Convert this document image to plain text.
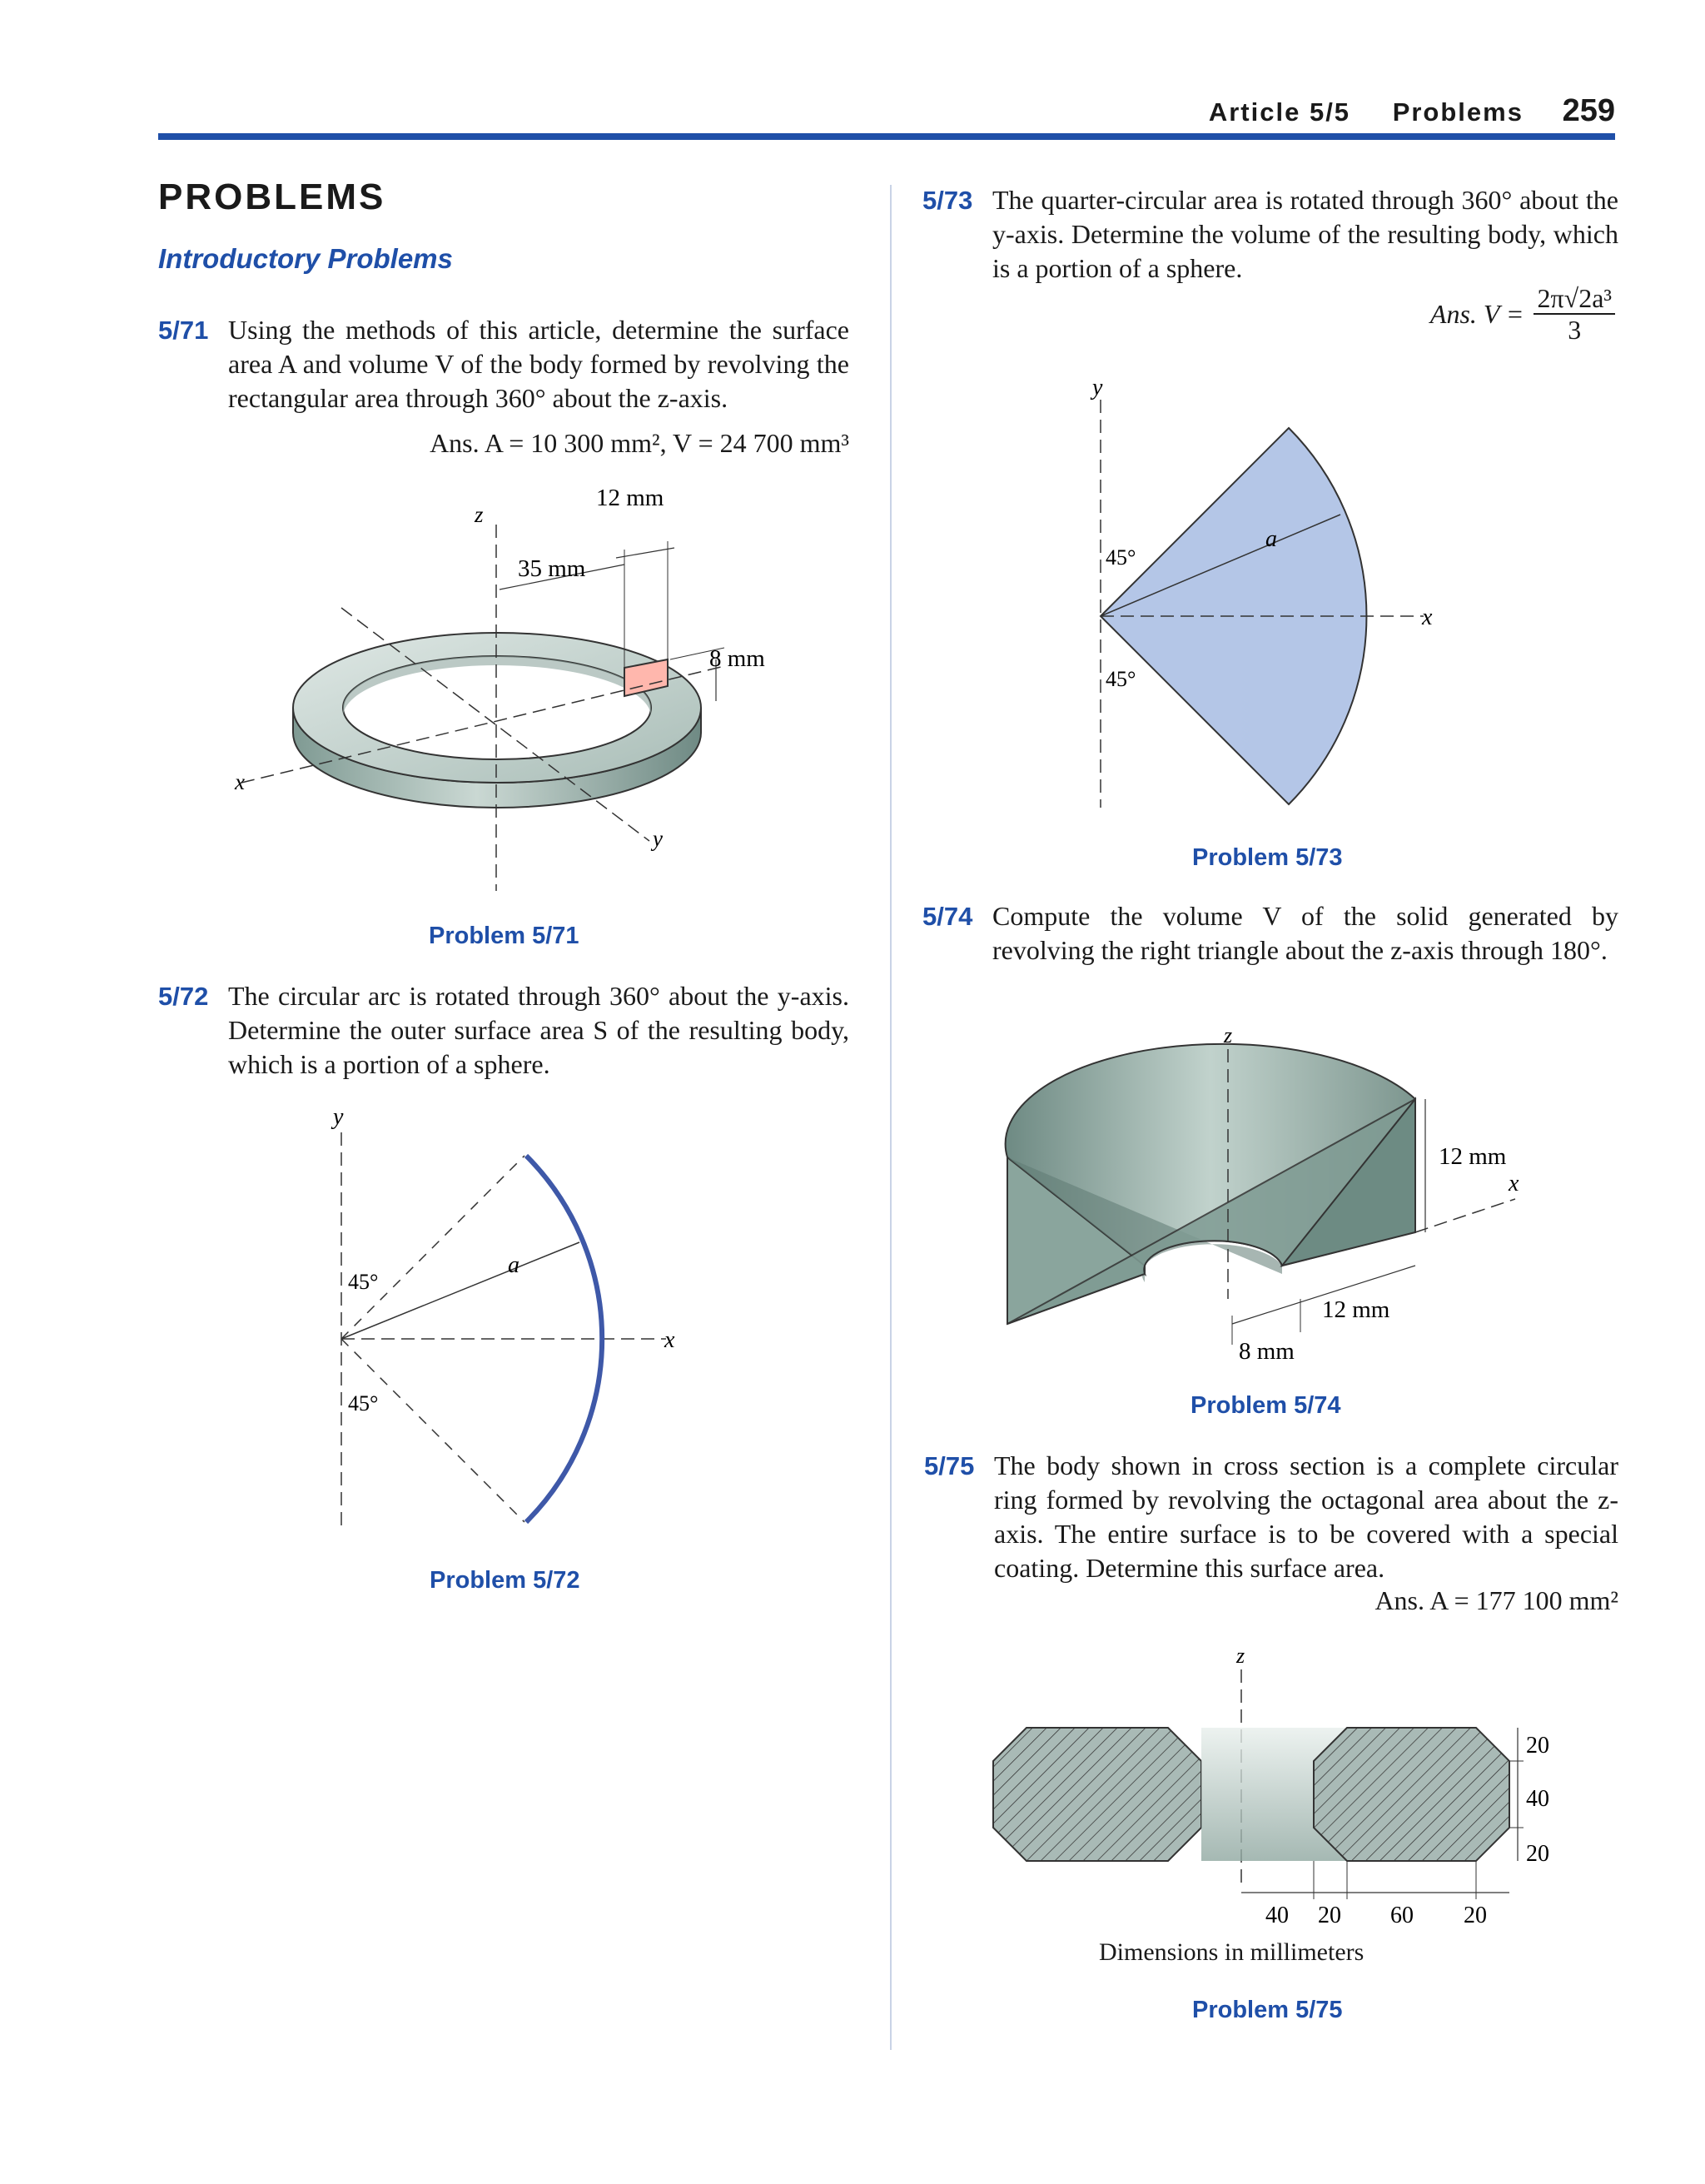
Article 5/5 Problems 259
PROBLEMS
Introductory Problems
5/71 Using the methods of this article, determine the surface area A and volume V of the body formed by revolving the rectangular area through 360° about the z-axis.
Ans. A = 10 300 mm², V = 24 700 mm³
12 mm
z
35 mm
8 mm
x
y
Problem 5/71
5/72 The circular arc is rotated through 360° about the y-axis. Determine the outer surface area S of the resulting body, which is a portion of a sphere.
y
x
a
45°
45°
Problem 5/72
5/73 The quarter-circular area is rotated through 360° about the y-axis. Determine the volume of the resulting body, which is a portion of a sphere.
Ans. $V = \frac{\text{2π√2a³}}{3}$
y
x
a
45°
45°
Problem 5/73
5/74 Compute the volume V of the solid generated by revolving the right triangle about the z-axis through 180°.
z
12 mm
x
12 mm
8 mm
Problem 5/74
5/75 The body shown in cross section is a complete circular ring formed by revolving the octagonal area about the z-axis. The entire surface is to be covered with a special coating. Determine this surface area.
Ans. A = 177 100 mm²
z
20
40
20
40 20 60 20
Dimensions in millimeters
Problem 5/75
